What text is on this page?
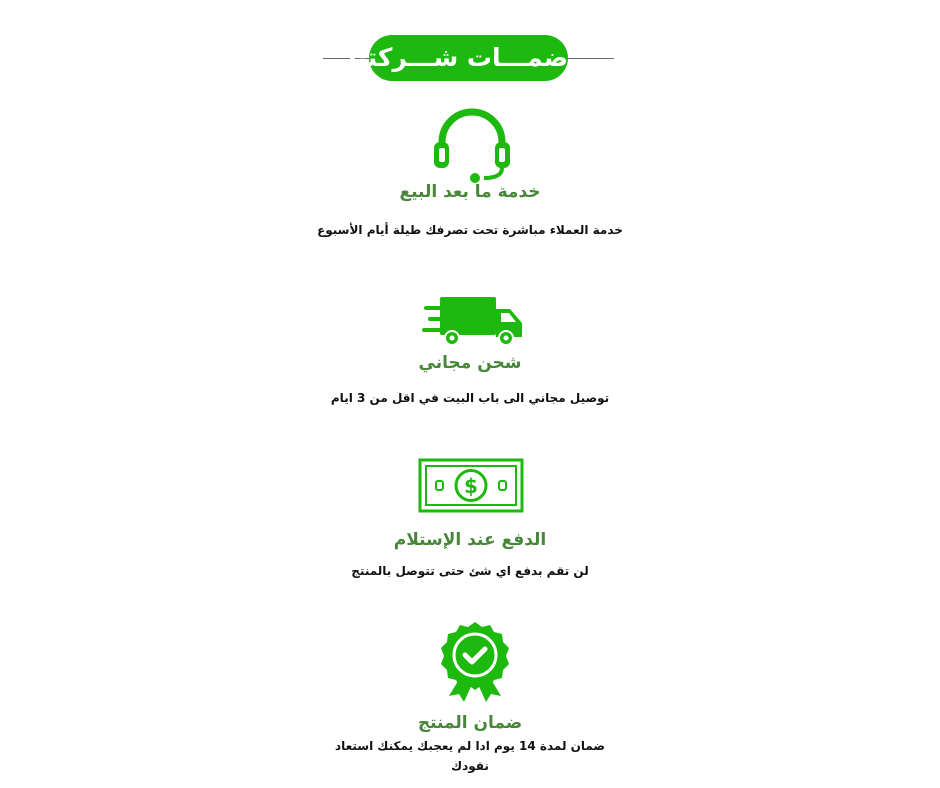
ضمـــات شـــركتنا
خدمة ما بعد البيع
خدمة العملاء مباشرة تحت تصرفك طيلة أيام الأسبوع
شحن مجاني
توصيل مجاني الى باب البيت في اقل من 3 ايام
$
الدفع عند الإستلام
لن تقم بدفع اي شئ حتى تتوصل بالمنتج
ضمان المنتج
ضمان لمدة 14 يوم ادا لم يعجبك يمكنك استعاد نقودك
